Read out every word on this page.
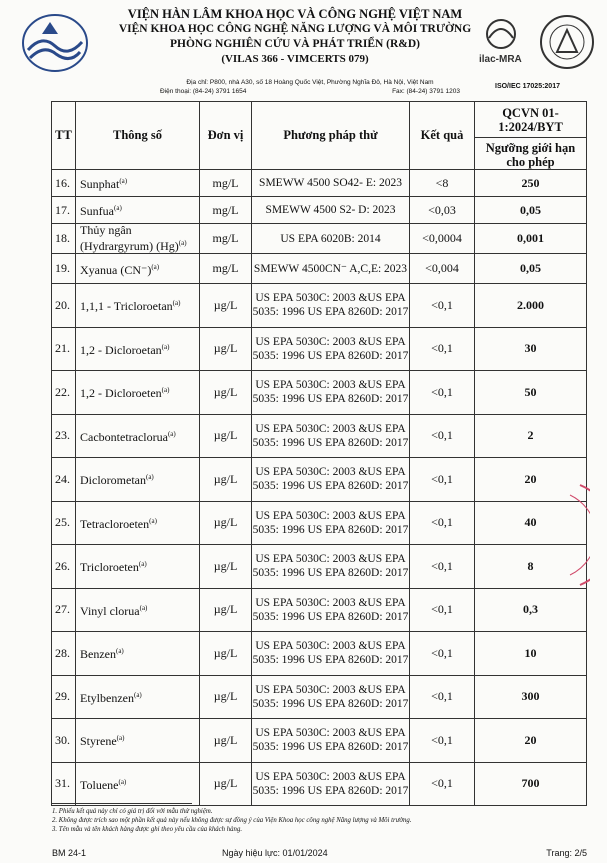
VIỆN HÀN LÂM KHOA HỌC VÀ CÔNG NGHỆ VIỆT NAM
VIỆN KHOA HỌC CÔNG NGHỆ NĂNG LƯỢNG VÀ MÔI TRƯỜNG
PHÒNG NGHIÊN CỨU VÀ PHÁT TRIỂN (R&D)
(VILAS 366 - VIMCERTS 079)
Địa chỉ: P800, nhà A30, số 18 Hoàng Quốc Việt, Phường Nghĩa Đô, Hà Nội, Việt Nam
Điện thoại: (84-24) 3791 1654	Fax: (84-24) 3791 1203
ilac-MRA
ISO/IEC 17025:2017
TT	Thông số	Đơn vị	Phương pháp thử	Kết quả	QCVN 01-1:2024/BYT
Ngưỡng giới hạn cho phép

16.	Sunphat$^{(a)}$	mg/L	SMEWW 4500 SO42- E: 2023	<8	250
17.	Sunfua$^{(a)}$	mg/L	SMEWW 4500 S2- D: 2023	<0,03	0,05
18.	Thủy ngân (Hydrargyrum) $(Hg)^{(a)}$	mg/L	US EPA 6020B: 2014	<0,0004	0,001
19.	Xyanua $(CN^-)^{(a)}$	mg/L	SMEWW 4500CN⁻ A,C,E: 2023	<0,004	0,05
20.	1,1,1 - Tricloroetan$^{(a)}$	µg/L	US EPA 5030C: 2003 &US EPA 5035: 1996 US EPA 8260D: 2017	<0,1	2.000
21.	1,2 - Dicloroetan$^{(a)}$	µg/L	US EPA 5030C: 2003 &US EPA 5035: 1996 US EPA 8260D: 2017	<0,1	30
22.	1,2 - Dicloroeten$^{(a)}$	µg/L	US EPA 5030C: 2003 &US EPA 5035: 1996 US EPA 8260D: 2017	<0,1	50
23.	Cacbontetraclorua$^{(a)}$	µg/L	US EPA 5030C: 2003 &US EPA 5035: 1996 US EPA 8260D: 2017	<0,1	2
24.	Diclorometan$^{(a)}$	µg/L	US EPA 5030C: 2003 &US EPA 5035: 1996 US EPA 8260D: 2017	<0,1	20
25.	Tetracloroeten$^{(a)}$	µg/L	US EPA 5030C: 2003 &US EPA 5035: 1996 US EPA 8260D: 2017	<0,1	40
26.	Tricloroeten$^{(a)}$	µg/L	US EPA 5030C: 2003 &US EPA 5035: 1996 US EPA 8260D: 2017	<0,1	8
27.	Vinyl clorua$^{(a)}$	µg/L	US EPA 5030C: 2003 &US EPA 5035: 1996 US EPA 8260D: 2017	<0,1	0,3
28.	Benzen$^{(a)}$	µg/L	US EPA 5030C: 2003 &US EPA 5035: 1996 US EPA 8260D: 2017	<0,1	10
29.	Etylbenzen$^{(a)}$	µg/L	US EPA 5030C: 2003 &US EPA 5035: 1996 US EPA 8260D: 2017	<0,1	300
30.	Styrene$^{(a)}$	µg/L	US EPA 5030C: 2003 &US EPA 5035: 1996 US EPA 8260D: 2017	<0,1	20
31.	Toluene$^{(a)}$	µg/L	US EPA 5030C: 2003 &US EPA 5035: 1996 US EPA 8260D: 2017	<0,1	700
1. Phiếu kết quả này chỉ có giá trị đối với mẫu thử nghiệm.
2. Không được trích sao một phần kết quả này nếu không được sự đồng ý của Viện Khoa học công nghệ Năng lượng và Môi trường.
3. Tên mẫu và tên khách hàng được ghi theo yêu cầu của khách hàng.
BM 24-1	Ngày hiệu lực: 01/01/2024	Trang: 2/5
